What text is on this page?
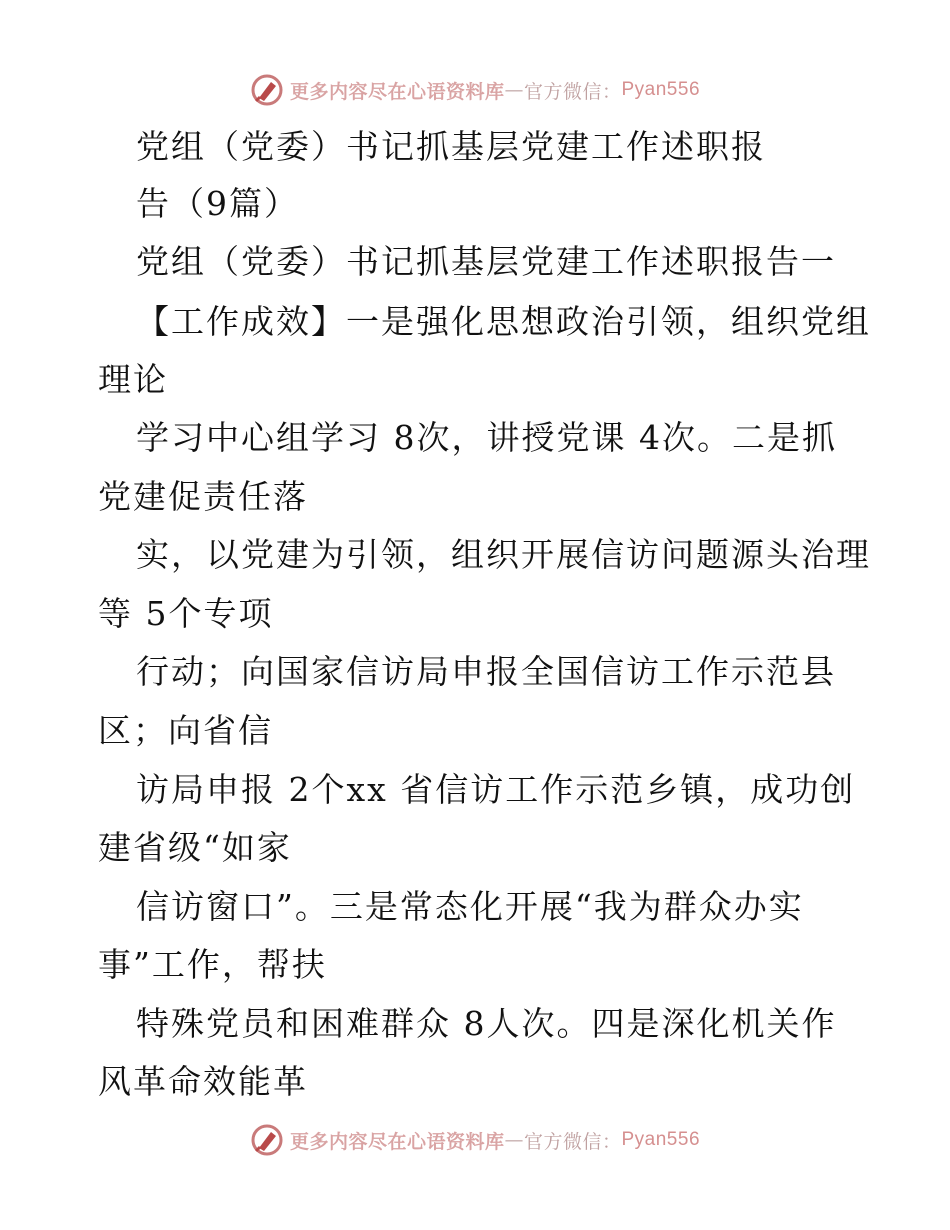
更多内容尽在心语资料库 — 官方微信： Pyan556
党组（党委）书记抓基层党建工作述职报
告（9篇）
党组（党委）书记抓基层党建工作述职报告一
【工作成效】一是强化思想政治引领，组织党组
理论
学习中心组学习 8次，讲授党课 4次。二是抓
党建促责任落
实，以党建为引领，组织开展信访问题源头治理
等 5个专项
行动；向国家信访局申报全国信访工作示范县
区；向省信
访局申报 2个xx 省信访工作示范乡镇，成功创
建省级“如家
信访窗口”。三是常态化开展“我为群众办实
事”工作，帮扶
特殊党员和困难群众 8人次。四是深化机关作
风革命效能革
更多内容尽在心语资料库 — 官方微信： Pyan556
